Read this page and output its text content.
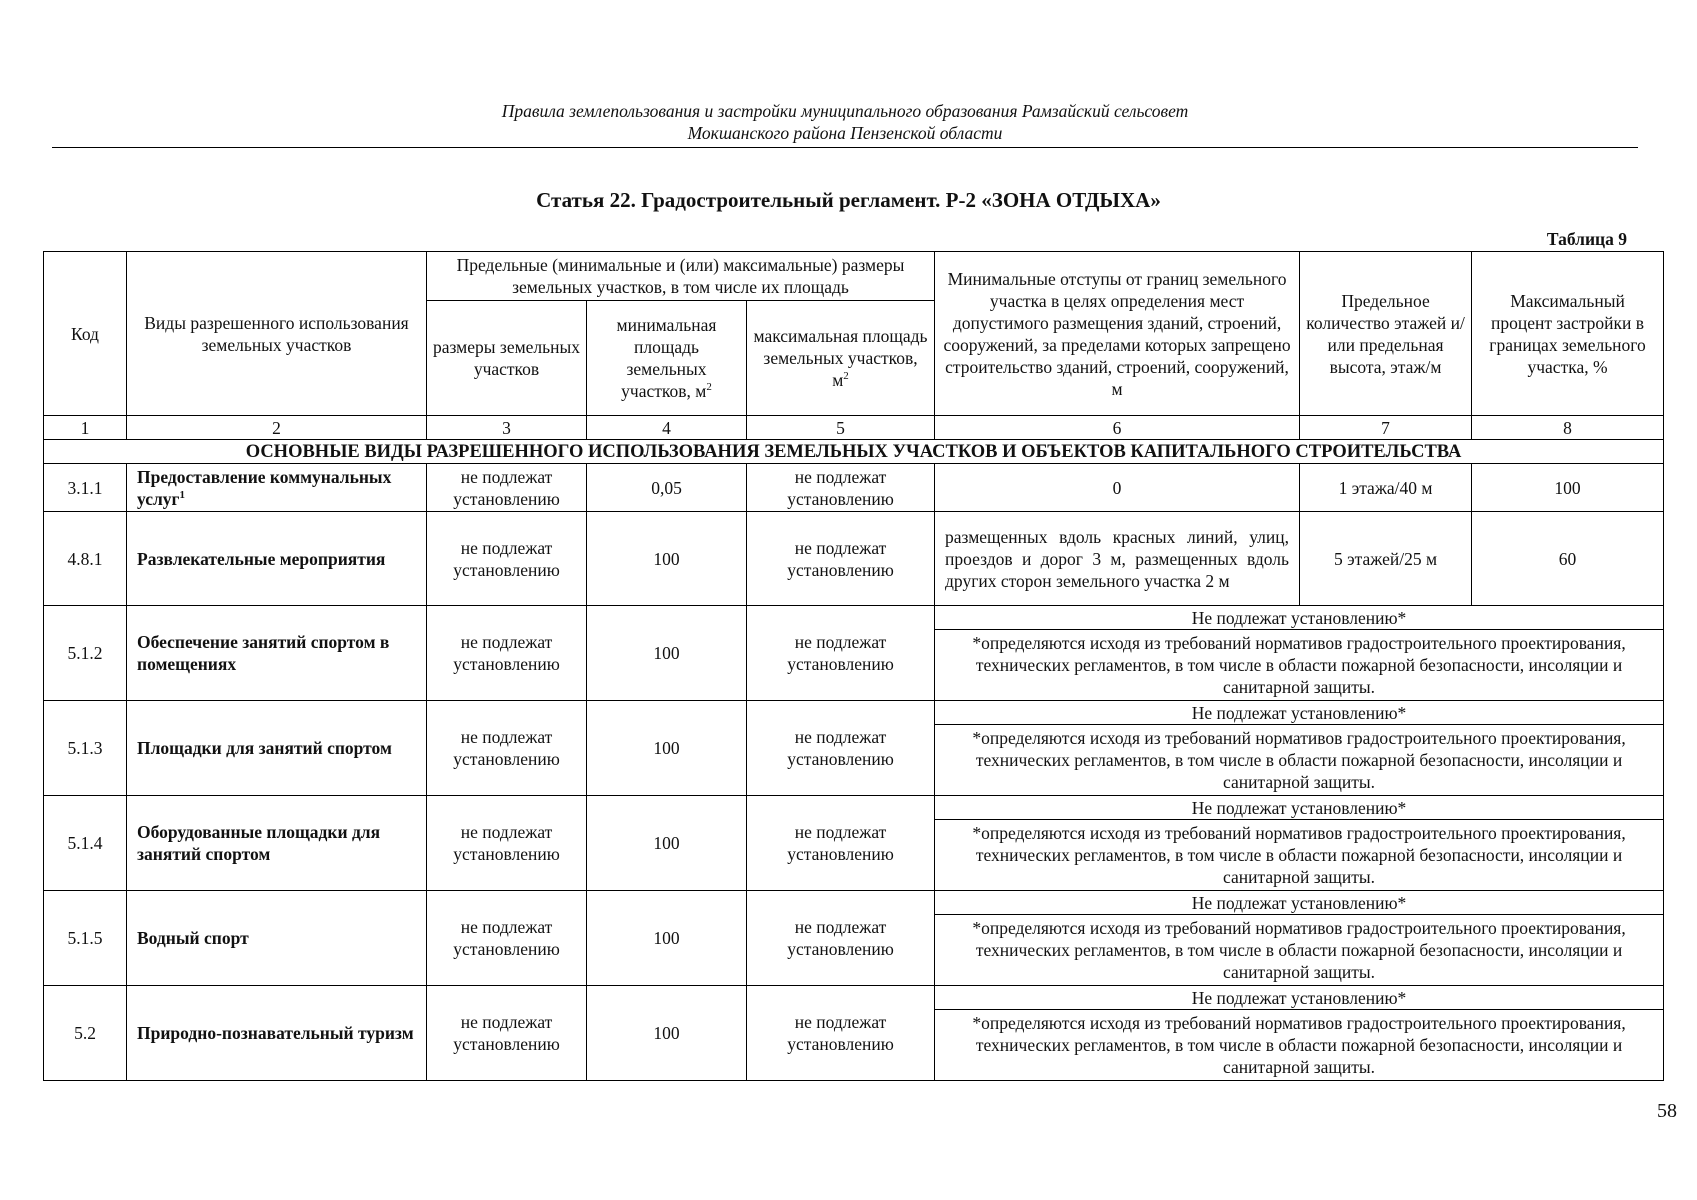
Правила землепользования и застройки муниципального образования Рамзайский сельсовет
Мокшанского района Пензенской области
Статья 22. Градостроительный регламент. Р-2 «ЗОНА ОТДЫХА»
Таблица 9
Код	Виды разрешенного использования земельных участков	Предельные (минимальные и (или) максимальные) размеры земельных участков, в том числе их площадь			Минимальные отступы от границ земельного участка в целях определения мест допустимого размещения зданий, строений, сооружений, за пределами которых запрещено строительство зданий, строений, сооружений, м	Предельное количество этажей и/или предельная высота, этаж/м	Максимальный процент застройки в границах земельного участка, %
		размеры земельных участков	минимальная площадь земельных участков, $м^2$	максимальная площадь земельных участков, $м^2$
1	2	3	4	5	6	7	8
ОСНОВНЫЕ ВИДЫ РАЗРЕШЕННОГО ИСПОЛЬЗОВАНИЯ ЗЕМЕЛЬНЫХ УЧАСТКОВ И ОБЪЕКТОВ КАПИТАЛЬНОГО СТРОИТЕЛЬСТВА							
3.1.1	Предоставление коммунальных услуг$^1$	не подлежат установлению	0,05	не подлежат установлению	0	1 этажа/40 м	100
4.8.1	Развлекательные мероприятия	не подлежат установлению	100	не подлежат установлению	размещенных вдоль красных линий, улиц, проездов и дорог 3 м, размещенных вдоль других сторон земельного участка 2 м	5 этажей/25 м	60
5.1.2	Обеспечение занятий спортом в помещениях	не подлежат установлению	100	не подлежат установлению	Не подлежат установлению*		
					*определяются исходя из требований нормативов градостроительного проектирования, технических регламентов, в том числе в области пожарной безопасности, инсоляции и санитарной защиты.		
5.1.3	Площадки для занятий спортом	не подлежат установлению	100	не подлежат установлению	Не подлежат установлению*		
					*определяются исходя из требований нормативов градостроительного проектирования, технических регламентов, в том числе в области пожарной безопасности, инсоляции и санитарной защиты.		
5.1.4	Оборудованные площадки для занятий спортом	не подлежат установлению	100	не подлежат установлению	Не подлежат установлению*		
					*определяются исходя из требований нормативов градостроительного проектирования, технических регламентов, в том числе в области пожарной безопасности, инсоляции и санитарной защиты.		
5.1.5	Водный спорт	не подлежат установлению	100	не подлежат установлению	Не подлежат установлению*		
					*определяются исходя из требований нормативов градостроительного проектирования, технических регламентов, в том числе в области пожарной безопасности, инсоляции и санитарной защиты.		
5.2	Природно-познавательный туризм	не подлежат установлению	100	не подлежат установлению	Не подлежат установлению*		
					*определяются исходя из требований нормативов градостроительного проектирования, технических регламентов, в том числе в области пожарной безопасности, инсоляции и санитарной защиты.		
58
